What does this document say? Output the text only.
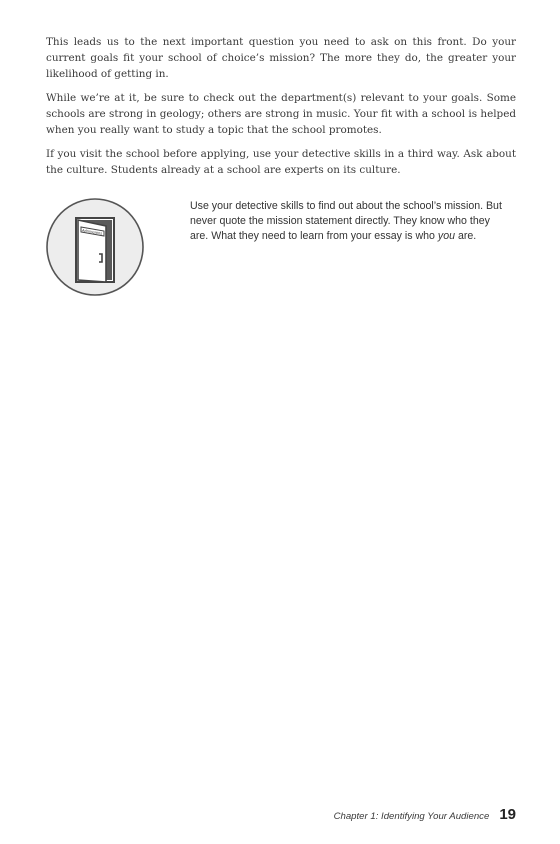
This leads us to the next important question you need to ask on this front. Do your current goals fit your school of choice’s mission? The more they do, the greater your likelihood of getting in.

While we’re at it, be sure to check out the department(s) relevant to your goals. Some schools are strong in geology; others are strong in music. Your fit with a school is helped when you really want to study a topic that the school promotes.

If you visit the school before applying, use your detective skills in a third way. Ask about the culture. Students already at a school are experts on its culture.

Admissions

Use your detective skills to find out about the school’s mission. But never quote the mission statement directly. They know who they are. What they need to learn from your essay is who you are.

Chapter 1: Identifying Your Audience 19
